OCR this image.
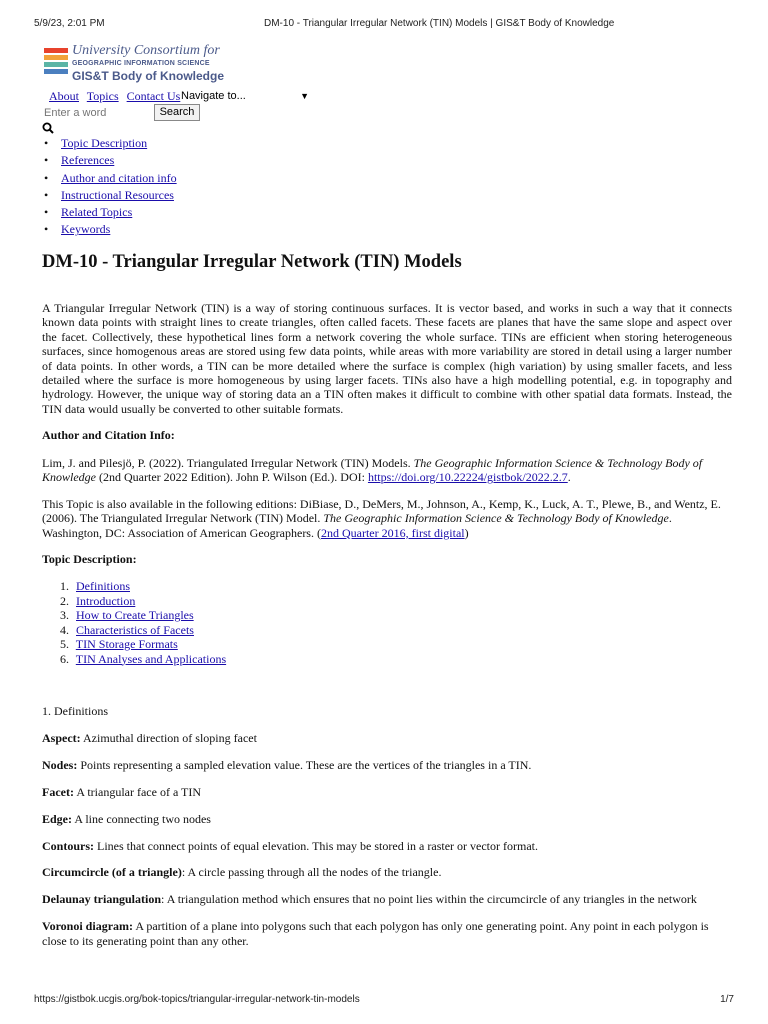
5/9/23, 2:01 PM	DM-10 - Triangular Irregular Network (TIN) Models | GIS&T Body of Knowledge
University Consortium for
GEOGRAPHIC INFORMATION SCIENCE
GIS&T Body of Knowledge
About Topics Contact Us Navigate to...	▼
Enter a word
Search
• Topic Description
• References
• Author and citation info
• Instructional Resources
• Related Topics
• Keywords
DM-10 - Triangular Irregular Network (TIN) Models

A Triangular Irregular Network (TIN) is a way of storing continuous surfaces. It is vector based, and works in such a way that it connects known data points with straight lines to create triangles, often called facets. These facets are planes that have the same slope and aspect over the facet. Collectively, these hypothetical lines form a network covering the whole surface. TINs are efficient when storing heterogeneous surfaces, since homogenous areas are stored using few data points, while areas with more variability are stored in detail using a larger number of data points. In other words, a TIN can be more detailed where the surface is complex (high variation) by using smaller facets, and less detailed where the surface is more homogeneous by using larger facets. TINs also have a high modelling potential, e.g. in topography and hydrology. However, the unique way of storing data an a TIN often makes it difficult to combine with other spatial data formats. Instead, the TIN data would usually be converted to other suitable formats.

Author and Citation Info:

Lim, J. and Pilesjö, P. (2022). Triangulated Irregular Network (TIN) Models. The Geographic Information Science & Technology Body of Knowledge (2nd Quarter 2022 Edition). John P. Wilson (Ed.). DOI: https://doi.org/10.22224/gistbok/2022.2.7.

This Topic is also available in the following editions: DiBiase, D., DeMers, M., Johnson, A., Kemp, K., Luck, A. T., Plewe, B., and Wentz, E. (2006). The Triangulated Irregular Network (TIN) Model. The Geographic Information Science & Technology Body of Knowledge. Washington, DC: Association of American Geographers. (2nd Quarter 2016, first digital)

Topic Description:

1. Definitions
2. Introduction
3. How to Create Triangles
4. Characteristics of Facets
5. TIN Storage Formats
6. TIN Analyses and Applications

1. Definitions

Aspect: Azimuthal direction of sloping facet

Nodes: Points representing a sampled elevation value. These are the vertices of the triangles in a TIN.

Facet: A triangular face of a TIN

Edge: A line connecting two nodes

Contours: Lines that connect points of equal elevation. This may be stored in a raster or vector format.

Circumcircle (of a triangle): A circle passing through all the nodes of the triangle.

Delaunay triangulation: A triangulation method which ensures that no point lies within the circumcircle of any triangles in the network

Voronoi diagram: A partition of a plane into polygons such that each polygon has only one generating point. Any point in each polygon is close to its generating point than any other.

https://gistbok.ucgis.org/bok-topics/triangular-irregular-network-tin-models	1/7
